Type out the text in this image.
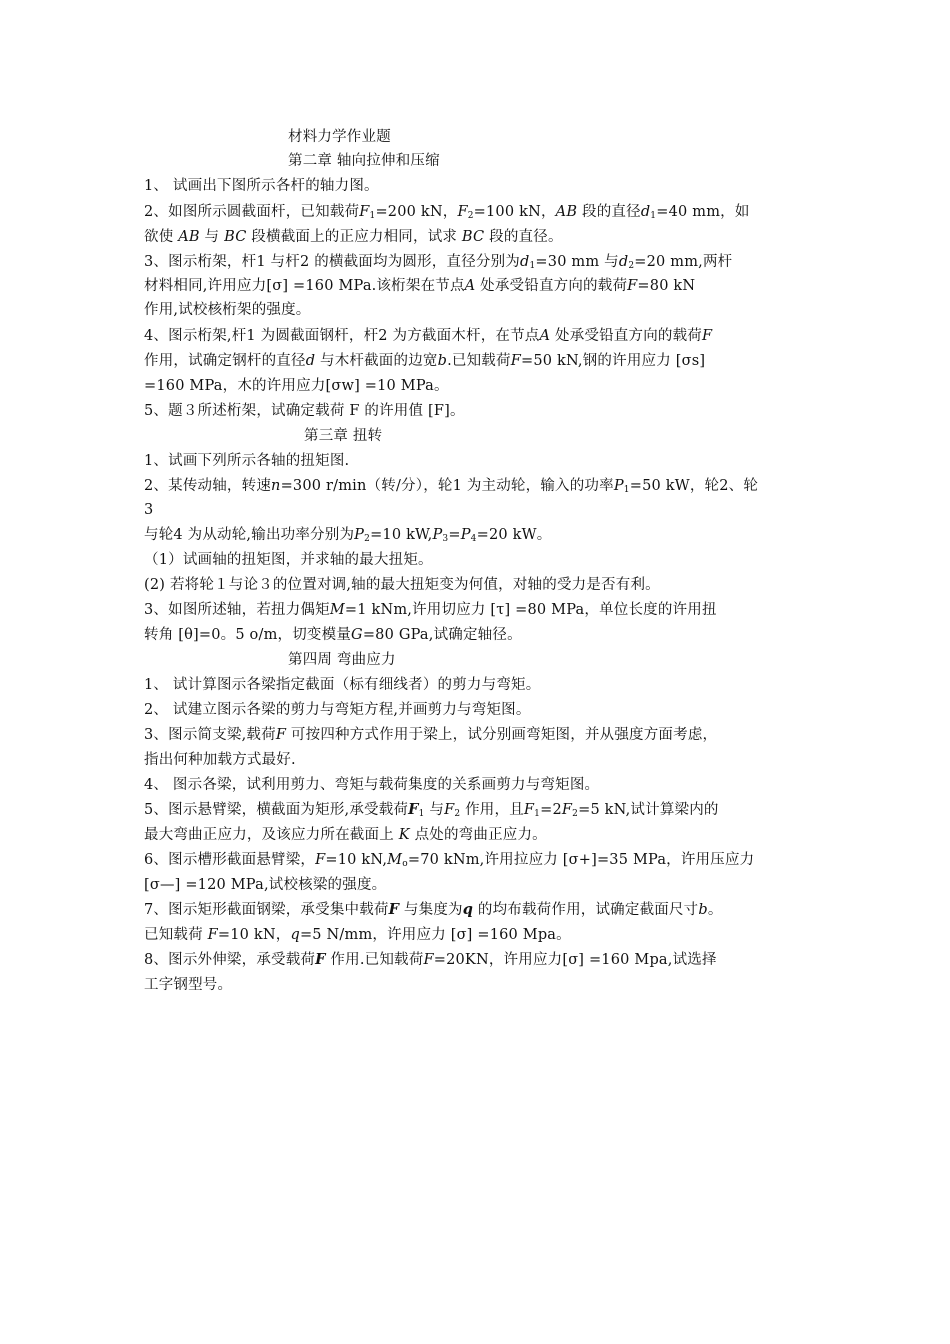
材料力学作业题
第二章 轴向拉伸和压缩
1、 试画出下图所示各杆的轴力图。
2、如图所示圆截面杆，已知载荷$F_1=200$ kN，$F_2=100$ kN，AB 段的直径$d_1=40$ mm，如
欲使 AB 与 BC 段横截面上的正应力相同，试求 BC 段的直径。
3、图示桁架，杆1 与杆2 的横截面均为圆形，直径分别为$d_1=30$ mm 与$d_2=20$ mm,两杆
材料相同,许用应力[σ] =160 MPa.该桁架在节点A 处承受铅直方向的载荷F=80 kN
作用,试校核桁架的强度。
4、图示桁架,杆1 为圆截面钢杆，杆2 为方截面木杆，在节点A 处承受铅直方向的载荷F
作用，试确定钢杆的直径d 与木杆截面的边宽b.已知载荷F=50 kN,钢的许用应力 [σs]
=160 MPa，木的许用应力[σw] =10 MPa。
5、题３所述桁架，试确定载荷 F 的许用值 [F]。
第三章 扭转
1、试画下列所示各轴的扭矩图.
2、某传动轴，转速n=300 r/min（转/分），轮1 为主动轮，输入的功率$P_1=50$ kW，轮2、轮
3
与轮4 为从动轮,输出功率分别为$P_2=10$ $kW,P_3=P_4=20$ kW。
（1）试画轴的扭矩图，并求轴的最大扭矩。
(2) 若将轮１与论３的位置对调,轴的最大扭矩变为何值，对轴的受力是否有利。
3、如图所述轴，若扭力偶矩M=1 kNm,许用切应力 [τ] =80 MPa，单位长度的许用扭
转角 [θ]=0。5 o/m，切变模量G=80 GPa,试确定轴径。
第四周 弯曲应力
1、 试计算图示各梁指定截面（标有细线者）的剪力与弯矩。
2、 试建立图示各梁的剪力与弯矩方程,并画剪力与弯矩图。
3、图示简支梁,载荷F 可按四种方式作用于梁上，试分别画弯矩图，并从强度方面考虑，
指出何种加载方式最好.
4、 图示各梁，试利用剪力、弯矩与载荷集度的关系画剪力与弯矩图。
5、图示悬臂梁，横截面为矩形,承受载荷$F_1$ 与$F_2$ 作用，且$F_1=2F_2=5$ kN,试计算梁内的
最大弯曲正应力，及该应力所在截面上 K 点处的弯曲正应力。
6、图示槽形截面悬臂梁，F=10 $kN,M_o=70$ kNm,许用拉应力 [σ+]=35 MPa，许用压应力
[σ—] =120 MPa,试校核梁的强度。
7、图示矩形截面钢梁，承受集中载荷F 与集度为q 的均布载荷作用，试确定截面尺寸b。
已知载荷 F=10 kN，q=5 N/mm，许用应力 [σ] =160 Mpa。
8、图示外伸梁，承受载荷F 作用.已知载荷F=20KN，许用应力[σ] =160 Mpa,试选择
工字钢型号。
